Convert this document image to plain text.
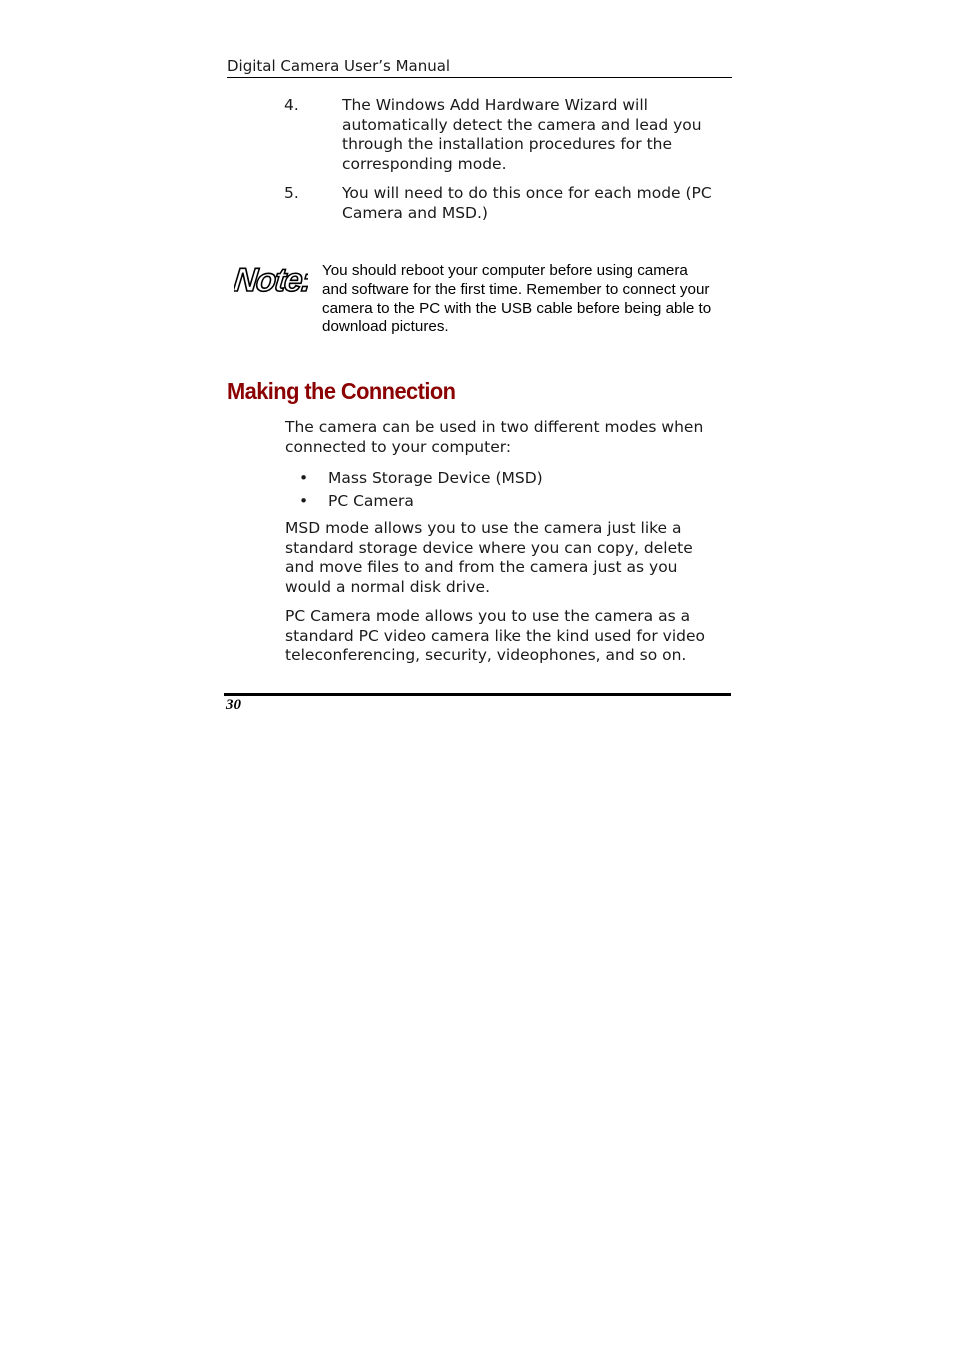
Digital Camera User’s Manual
4.	The Windows Add Hardware Wizard will automatically detect the camera and lead you through the installation procedures for the corresponding mode.
5.	You will need to do this once for each mode (PC Camera and MSD.)
Note: You should reboot your computer before using camera and software for the first time. Remember to connect your camera to the PC with the USB cable before being able to download pictures.
Making the Connection
The camera can be used in two different modes when connected to your computer:
• Mass Storage Device (MSD)
• PC Camera
MSD mode allows you to use the camera just like a standard storage device where you can copy, delete and move files to and from the camera just as you would a normal disk drive.
PC Camera mode allows you to use the camera as a standard PC video camera like the kind used for video teleconferencing, security, videophones, and so on.
30
